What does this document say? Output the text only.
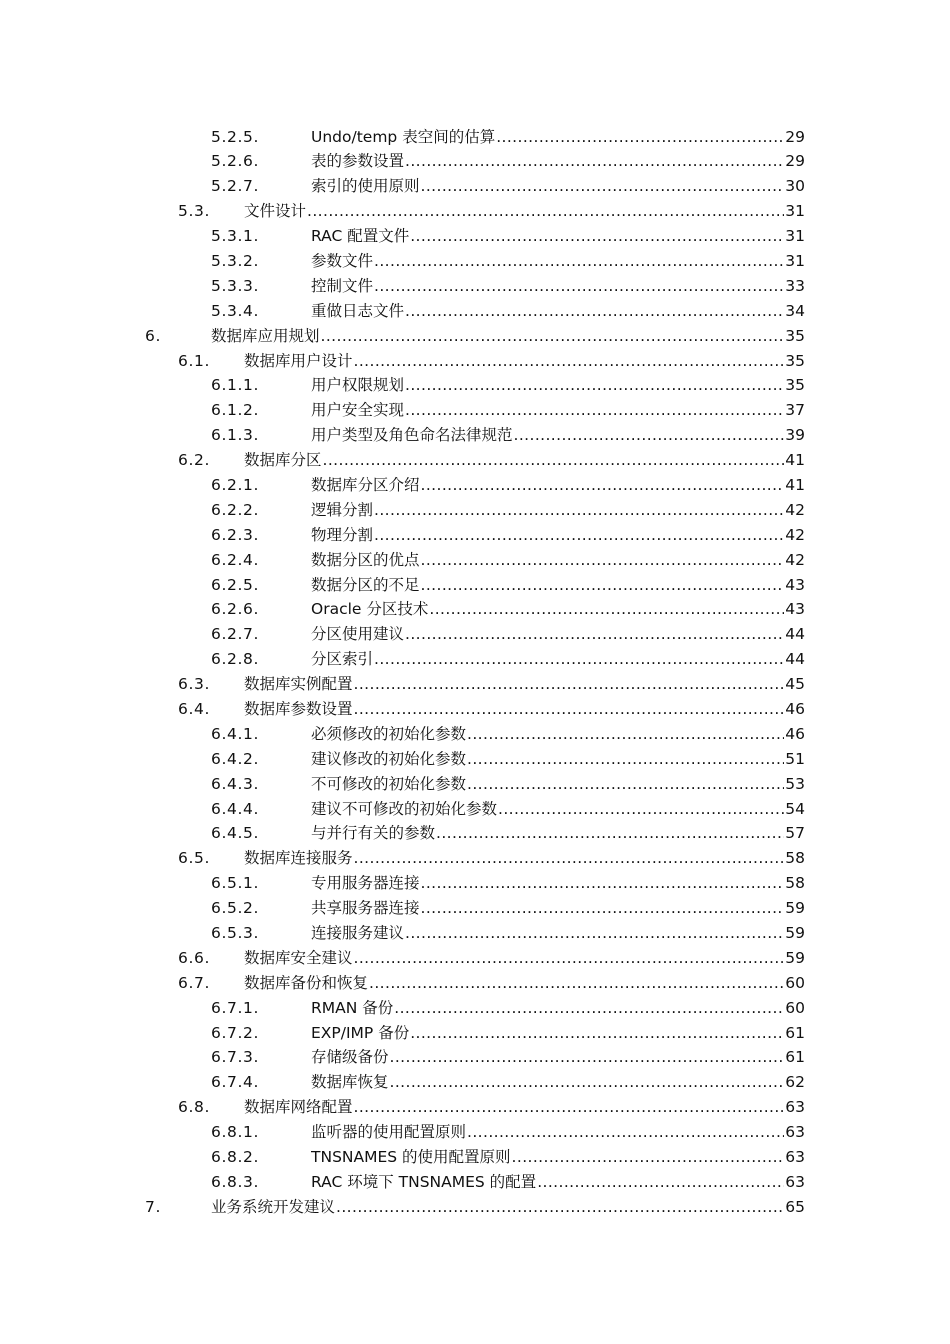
5.2.5.	Undo/temp 表空间的估算 .....	29
5.2.6.	表的参数设置 .....	29
5.2.7.	索引的使用原则 .....	30
5.3. 文件设计 .....	31
5.3.1.	RAC 配置文件 .....	31
5.3.2.	参数文件 .....	31
5.3.3.	控制文件 .....	33
5.3.4.	重做日志文件 .....	34
6.	数据库应用规划 .....	35
6.1. 数据库用户设计 .....	35
6.1.1.	用户权限规划 .....	35
6.1.2.	用户安全实现 .....	37
6.1.3.	用户类型及角色命名法律规范 .....	39
6.2. 数据库分区 .....	41
6.2.1.	数据库分区介绍 .....	41
6.2.2.	逻辑分割 .....	42
6.2.3.	物理分割 .....	42
6.2.4.	数据分区的优点 .....	42
6.2.5.	数据分区的不足 .....	43
6.2.6.	Oracle 分区技术 .....	43
6.2.7.	分区使用建议 .....	44
6.2.8.	分区索引 .....	44
6.3. 数据库实例配置 .....	45
6.4. 数据库参数设置 .....	46
6.4.1.	必须修改的初始化参数 .....	46
6.4.2.	建议修改的初始化参数 .....	51
6.4.3.	不可修改的初始化参数 .....	53
6.4.4.	建议不可修改的初始化参数 .....	54
6.4.5.	与并行有关的参数 .....	57
6.5. 数据库连接服务 .....	58
6.5.1.	专用服务器连接 .....	58
6.5.2.	共享服务器连接 .....	59
6.5.3.	连接服务建议 .....	59
6.6. 数据库安全建议 .....	59
6.7. 数据库备份和恢复 .....	60
6.7.1.	RMAN 备份 .....	60
6.7.2.	EXP/IMP 备份 .....	61
6.7.3.	存储级备份 .....	61
6.7.4.	数据库恢复 .....	62
6.8. 数据库网络配置 .....	63
6.8.1.	监听器的使用配置原则 .....	63
6.8.2.	TNSNAMES 的使用配置原则 .....	63
6.8.3.	RAC 环境下 TNSNAMES 的配置 .....	63
7.	业务系统开发建议 .....	65
